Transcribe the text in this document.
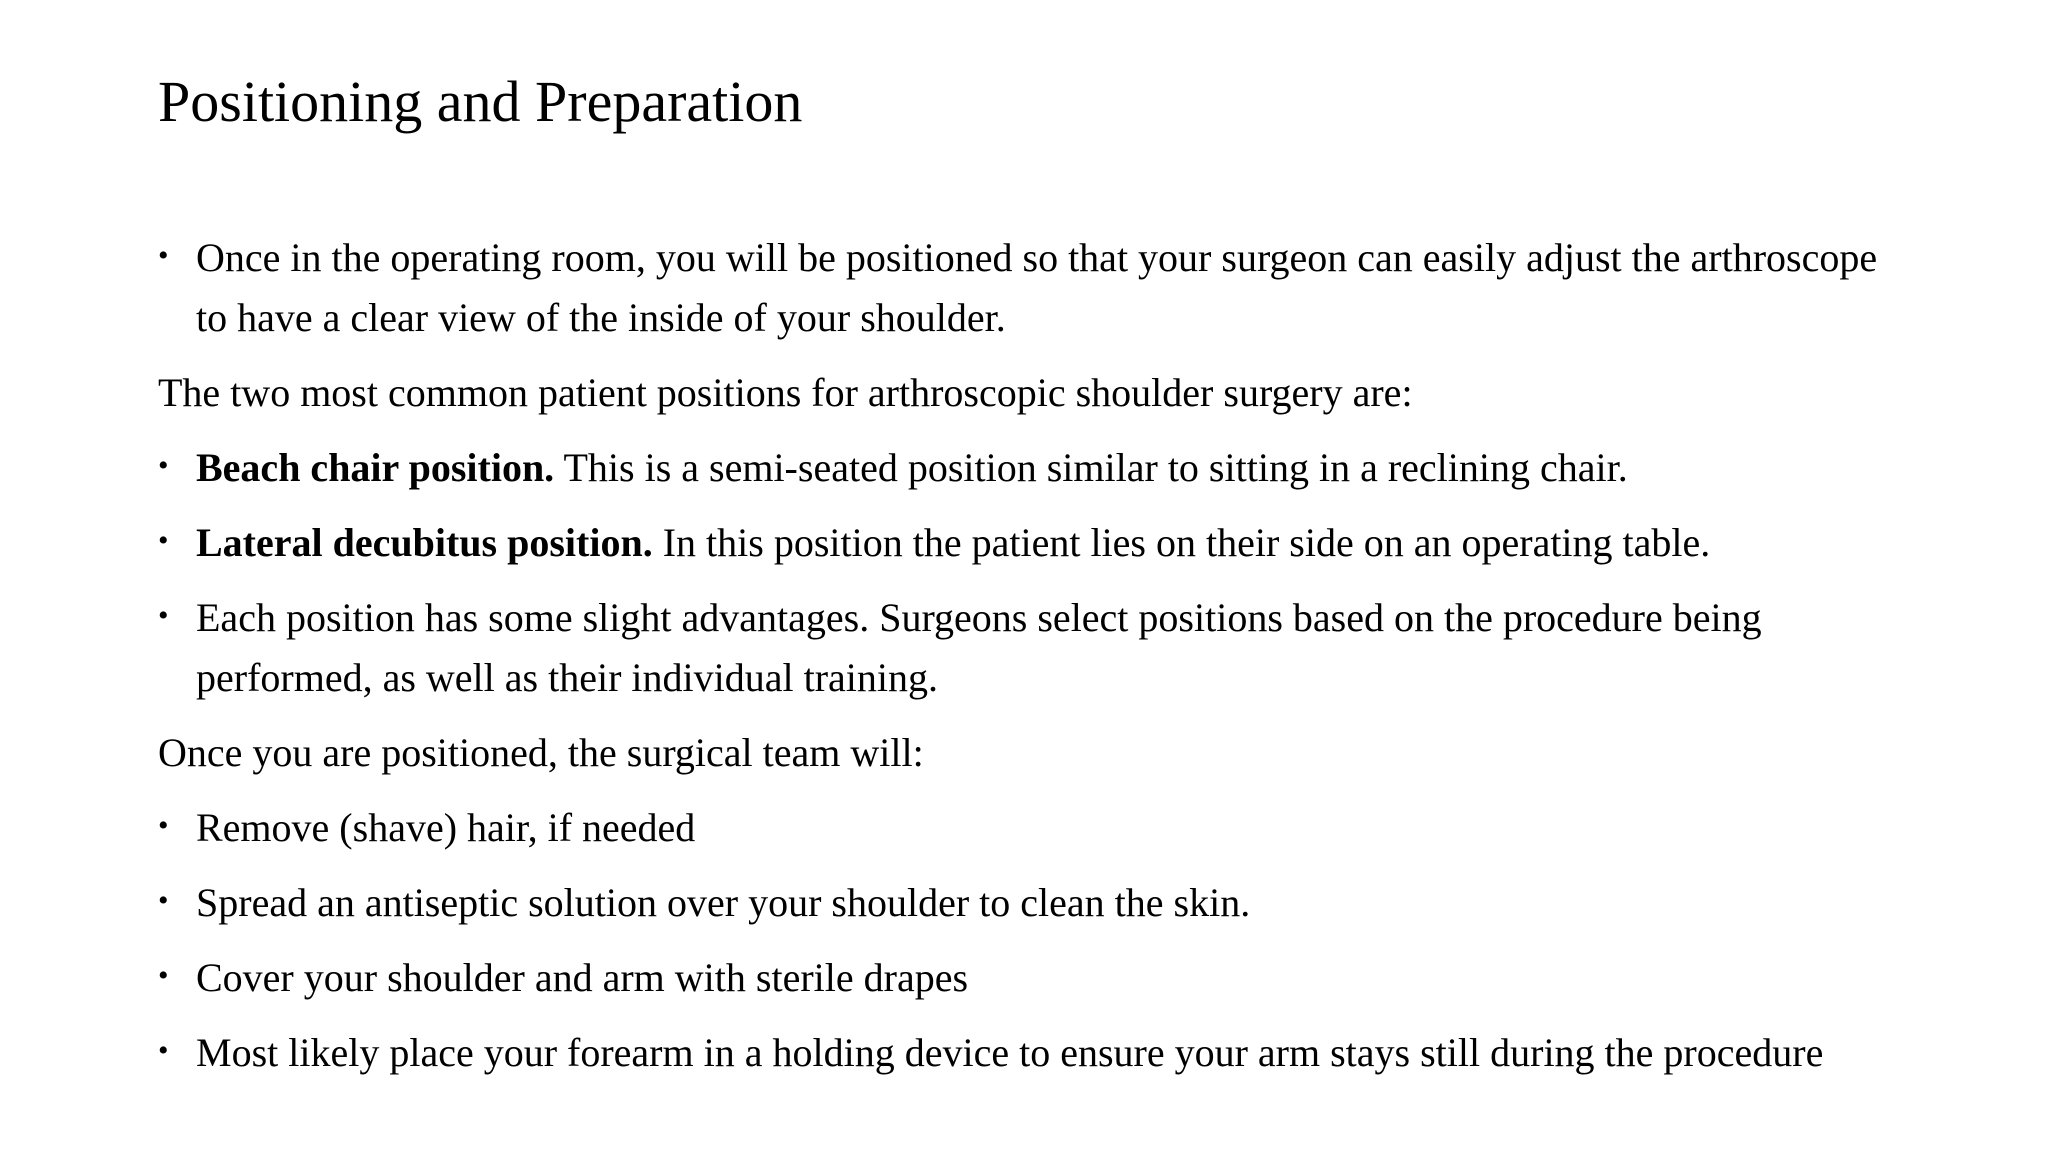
Positioning and Preparation
• Once in the operating room, you will be positioned so that your surgeon can easily adjust the arthroscope to have a clear view of the inside of your shoulder.
The two most common patient positions for arthroscopic shoulder surgery are:
• Beach chair position. This is a semi-seated position similar to sitting in a reclining chair.
• Lateral decubitus position. In this position the patient lies on their side on an operating table.
• Each position has some slight advantages. Surgeons select positions based on the procedure being performed, as well as their individual training.
Once you are positioned, the surgical team will:
• Remove (shave) hair, if needed
• Spread an antiseptic solution over your shoulder to clean the skin.
• Cover your shoulder and arm with sterile drapes
• Most likely place your forearm in a holding device to ensure your arm stays still during the procedure
